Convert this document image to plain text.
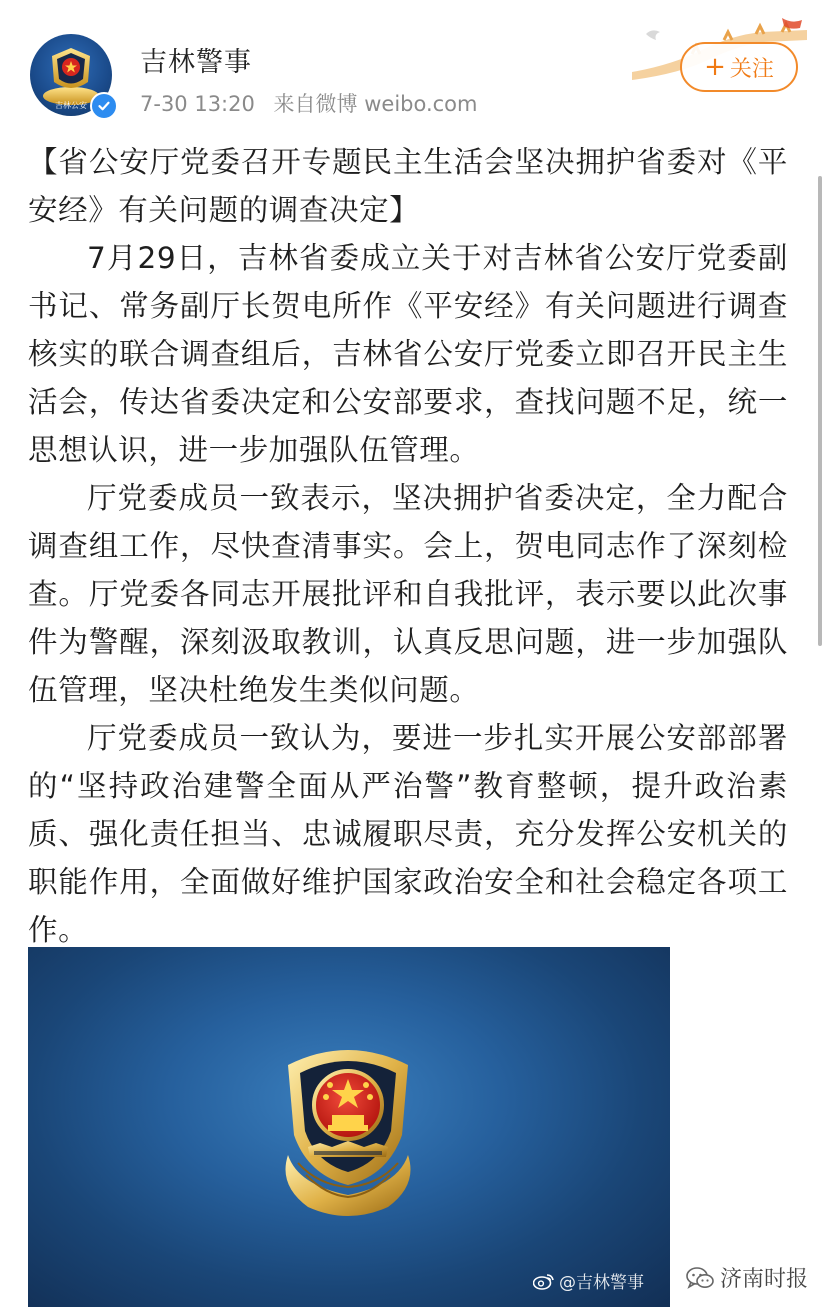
吉林公安
吉林警事
7-30 13:20 来自微博 weibo.com
+ 关注

【省公安厅党委召开专题民主生活会坚决拥护省委对《平安经》有关问题的调查决定】

7月29日，吉林省委成立关于对吉林省公安厅党委副书记、常务副厅长贺电所作《平安经》有关问题进行调查核实的联合调查组后，吉林省公安厅党委立即召开民主生活会，传达省委决定和公安部要求，查找问题不足，统一思想认识，进一步加强队伍管理。

厅党委成员一致表示，坚决拥护省委决定，全力配合调查组工作，尽快查清事实。会上，贺电同志作了深刻检查。厅党委各同志开展批评和自我批评，表示要以此次事件为警醒，深刻汲取教训，认真反思问题，进一步加强队伍管理，坚决杜绝发生类似问题。

厅党委成员一致认为，要进一步扎实开展公安部部署的“坚持政治建警全面从严治警”教育整顿，提升政治素质、强化责任担当、忠诚履职尽责，充分发挥公安机关的职能作用，全面做好维护国家政治安全和社会稳定各项工作。

@吉林警事	济南时报
